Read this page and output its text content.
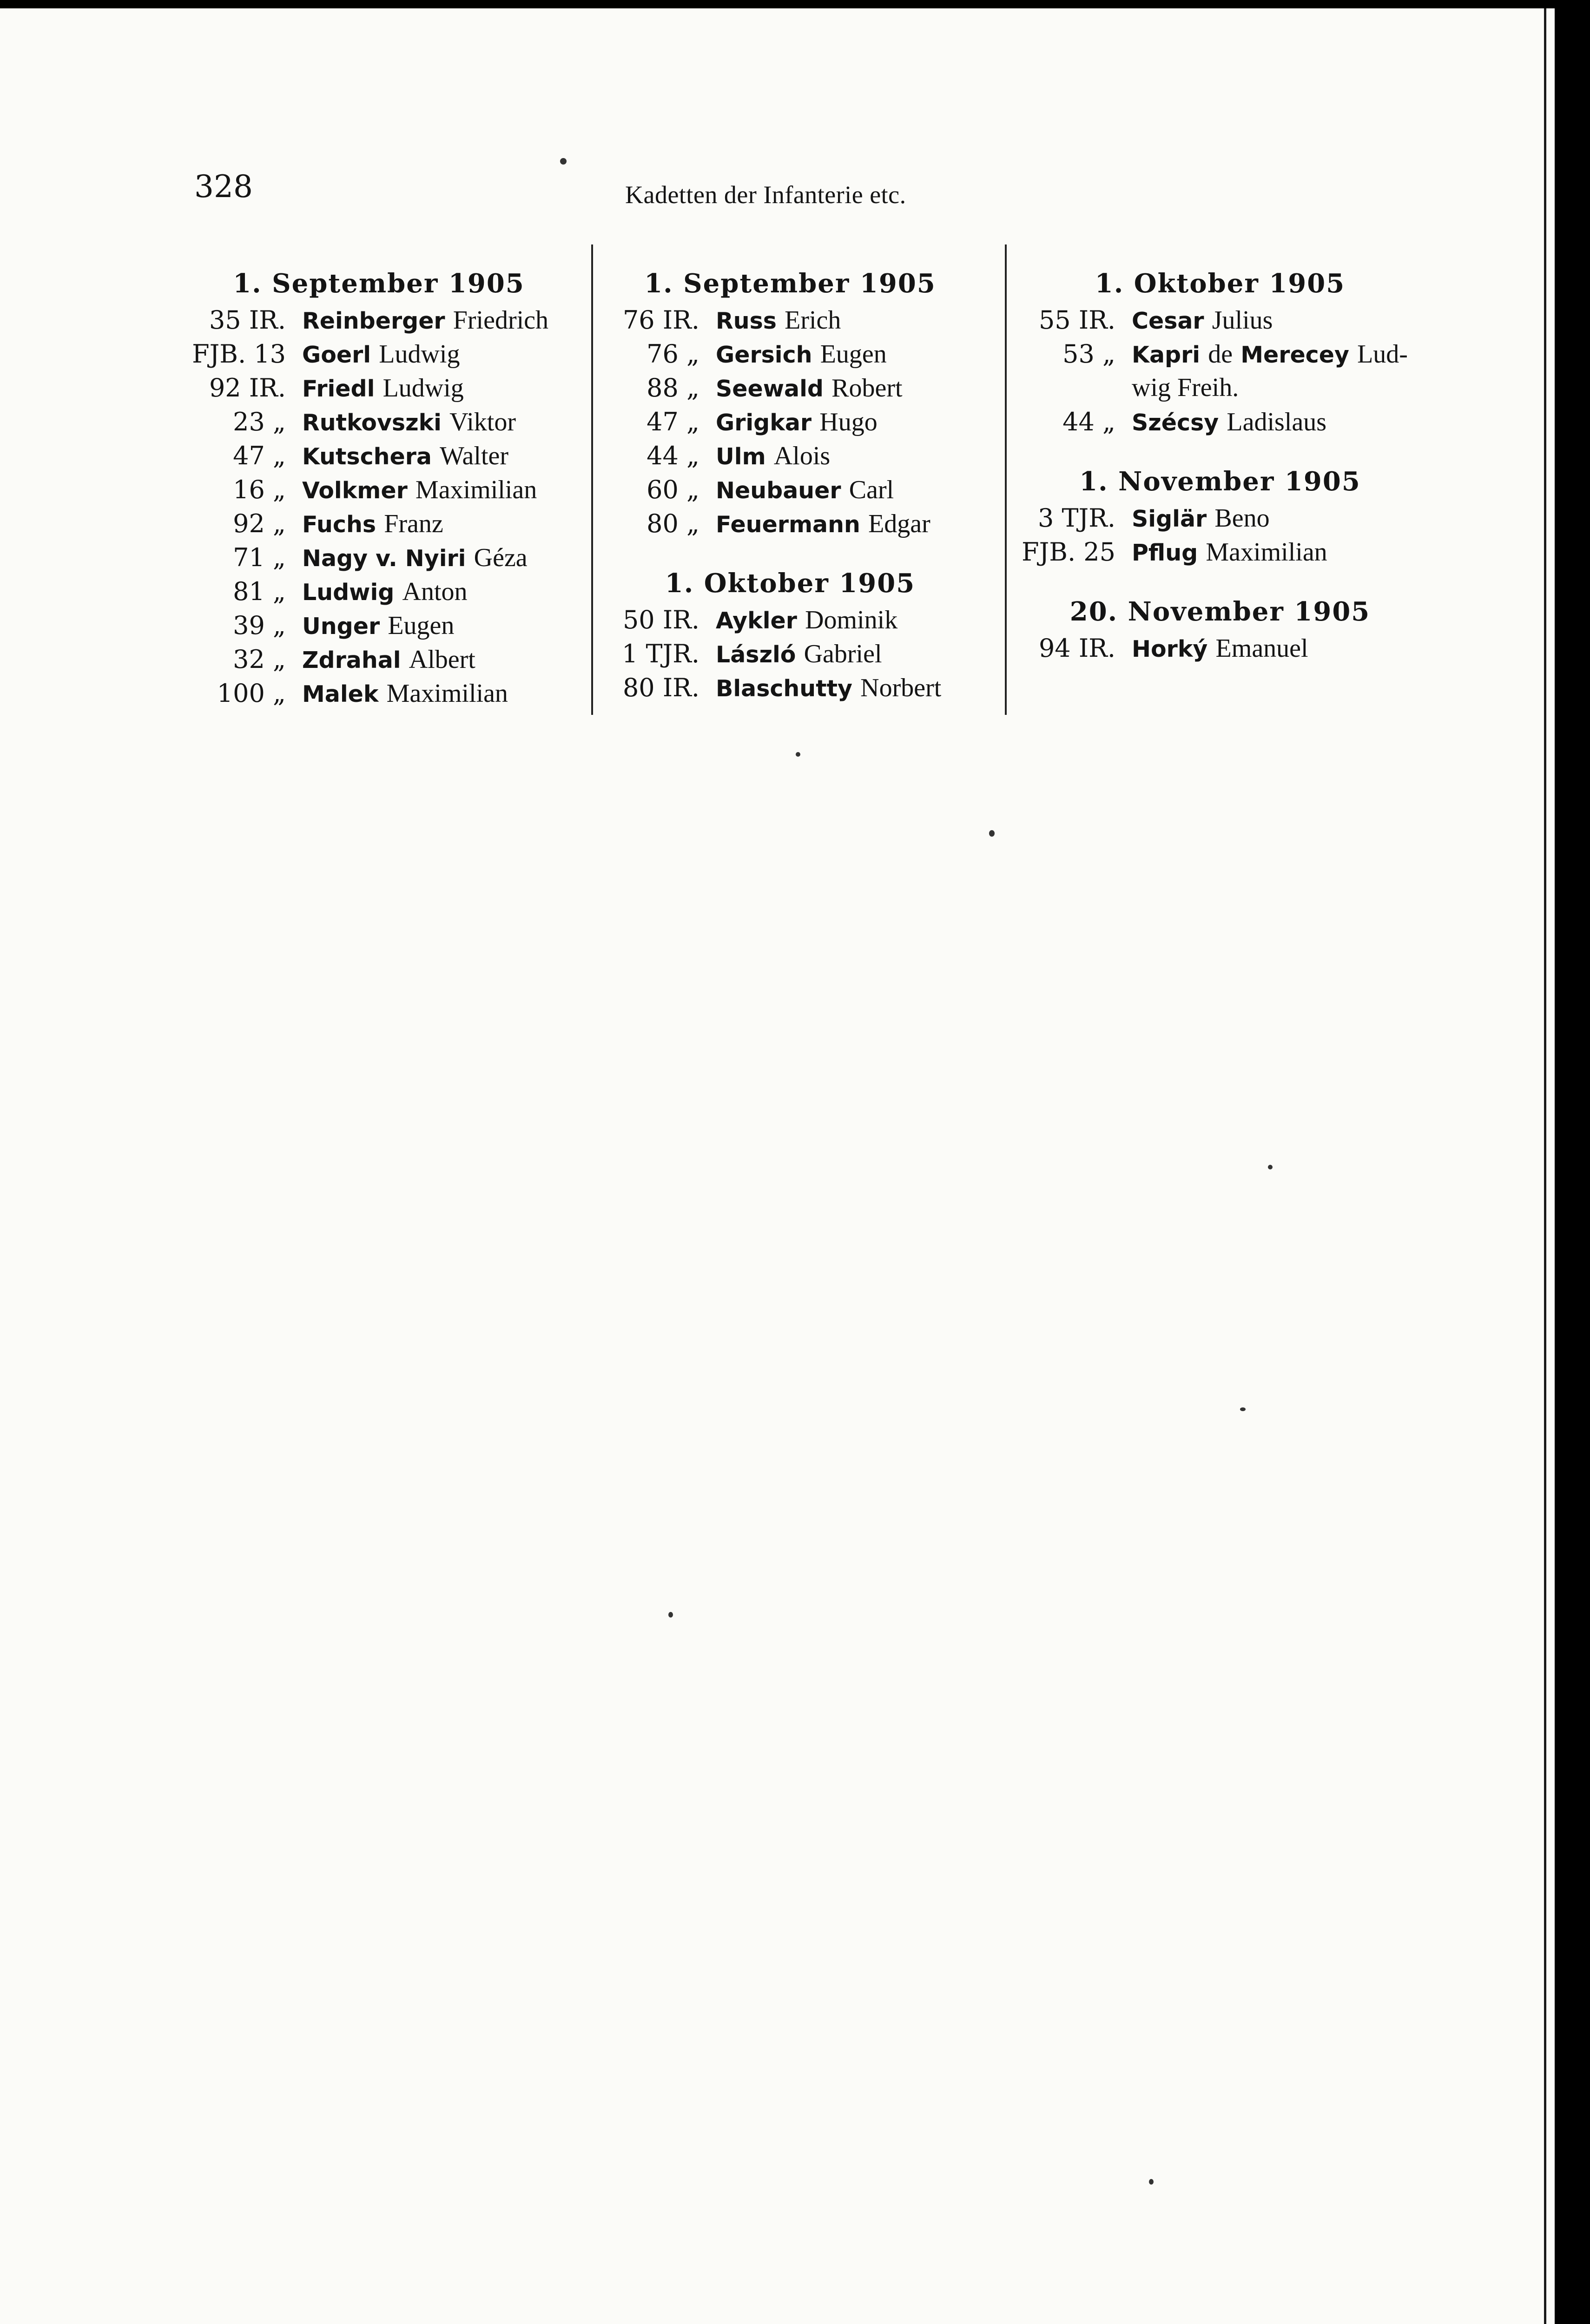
328	Kadetten der Infanterie etc.
1. September 1905
35 IR. Reinberger Friedrich
FJB. 13 Goerl Ludwig
92 IR. Friedl Ludwig
23 „ Rutkovszki Viktor
47 „ Kutschera Walter
16 „ Volkmer Maximilian
92 „ Fuchs Franz
71 „ Nagy v. Nyiri Géza
81 „ Ludwig Anton
39 „ Unger Eugen
32 „ Zdrahal Albert
100 „ Malek Maximilian
1. September 1905
76 IR. Russ Erich
76 „ Gersich Eugen
88 „ Seewald Robert
47 „ Grigkar Hugo
44 „ Ulm Alois
60 „ Neubauer Carl
80 „ Feuermann Edgar
1. Oktober 1905
50 IR. Aykler Dominik
1 TJR. László Gabriel
80 IR. Blaschutty Norbert
1. Oktober 1905
55 IR. Cesar Julius
53 „ Kapri de Merecey Lud-
wig Freih.
44 „ Szécsy Ladislaus
1. November 1905
3 TJR. Siglär Beno
FJB. 25 Pflug Maximilian
20. November 1905
94 IR. Horký Emanuel
